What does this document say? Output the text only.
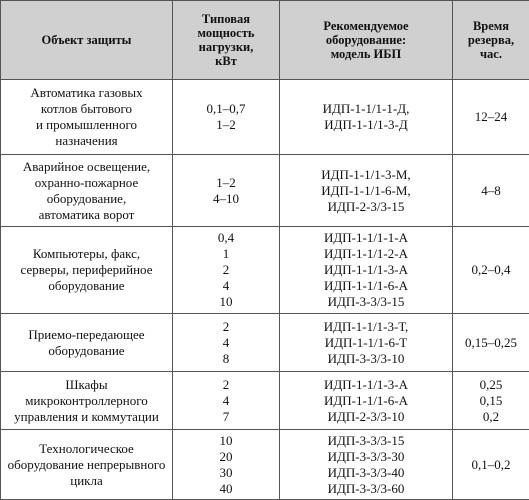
Объект защиты	Типовая
мощность
нагрузки,
кВт	Рекомендуемое
оборудование:
модель ИБП	Время
резерва,
час.

Автоматика газовых
котлов бытового
и промышленного
назначения	0,1–0,7
1–2	ИДП-1-1/1-1-Д,
ИДП-1-1/1-3-Д	12–24

Аварийное освещение,
охранно-пожарное
оборудование,
автоматика ворот	1–2
4–10	ИДП-1-1/1-3-М,
ИДП-1-1/1-6-М,
ИДП-2-3/3-15	4–8

Компьютеры, факс,
серверы, периферийное
оборудование	0,4
1
2
4
10	ИДП-1-1/1-1-А
ИДП-1-1/1-2-А
ИДП-1-1/1-3-А
ИДП-1-1/1-6-А
ИДП-3-3/3-15	0,2–0,4

Приемо-передающее
оборудование	2
4
8	ИДП-1-1/1-3-Т,
ИДП-1-1/1-6-Т
ИДП-3-3/3-10	0,15–0,25

Шкафы
микроконтроллерного
управления и коммутации	2
4
7	ИДП-1-1/1-3-А
ИДП-1-1/1-6-А
ИДП-2-3/3-10	0,25
0,15
0,2

Технологическое
оборудование непрерывного
цикла	10
20
30
40	ИДП-3-3/3-15
ИДП-3-3/3-30
ИДП-3-3/3-40
ИДП-3-3/3-60	0,1–0,2
